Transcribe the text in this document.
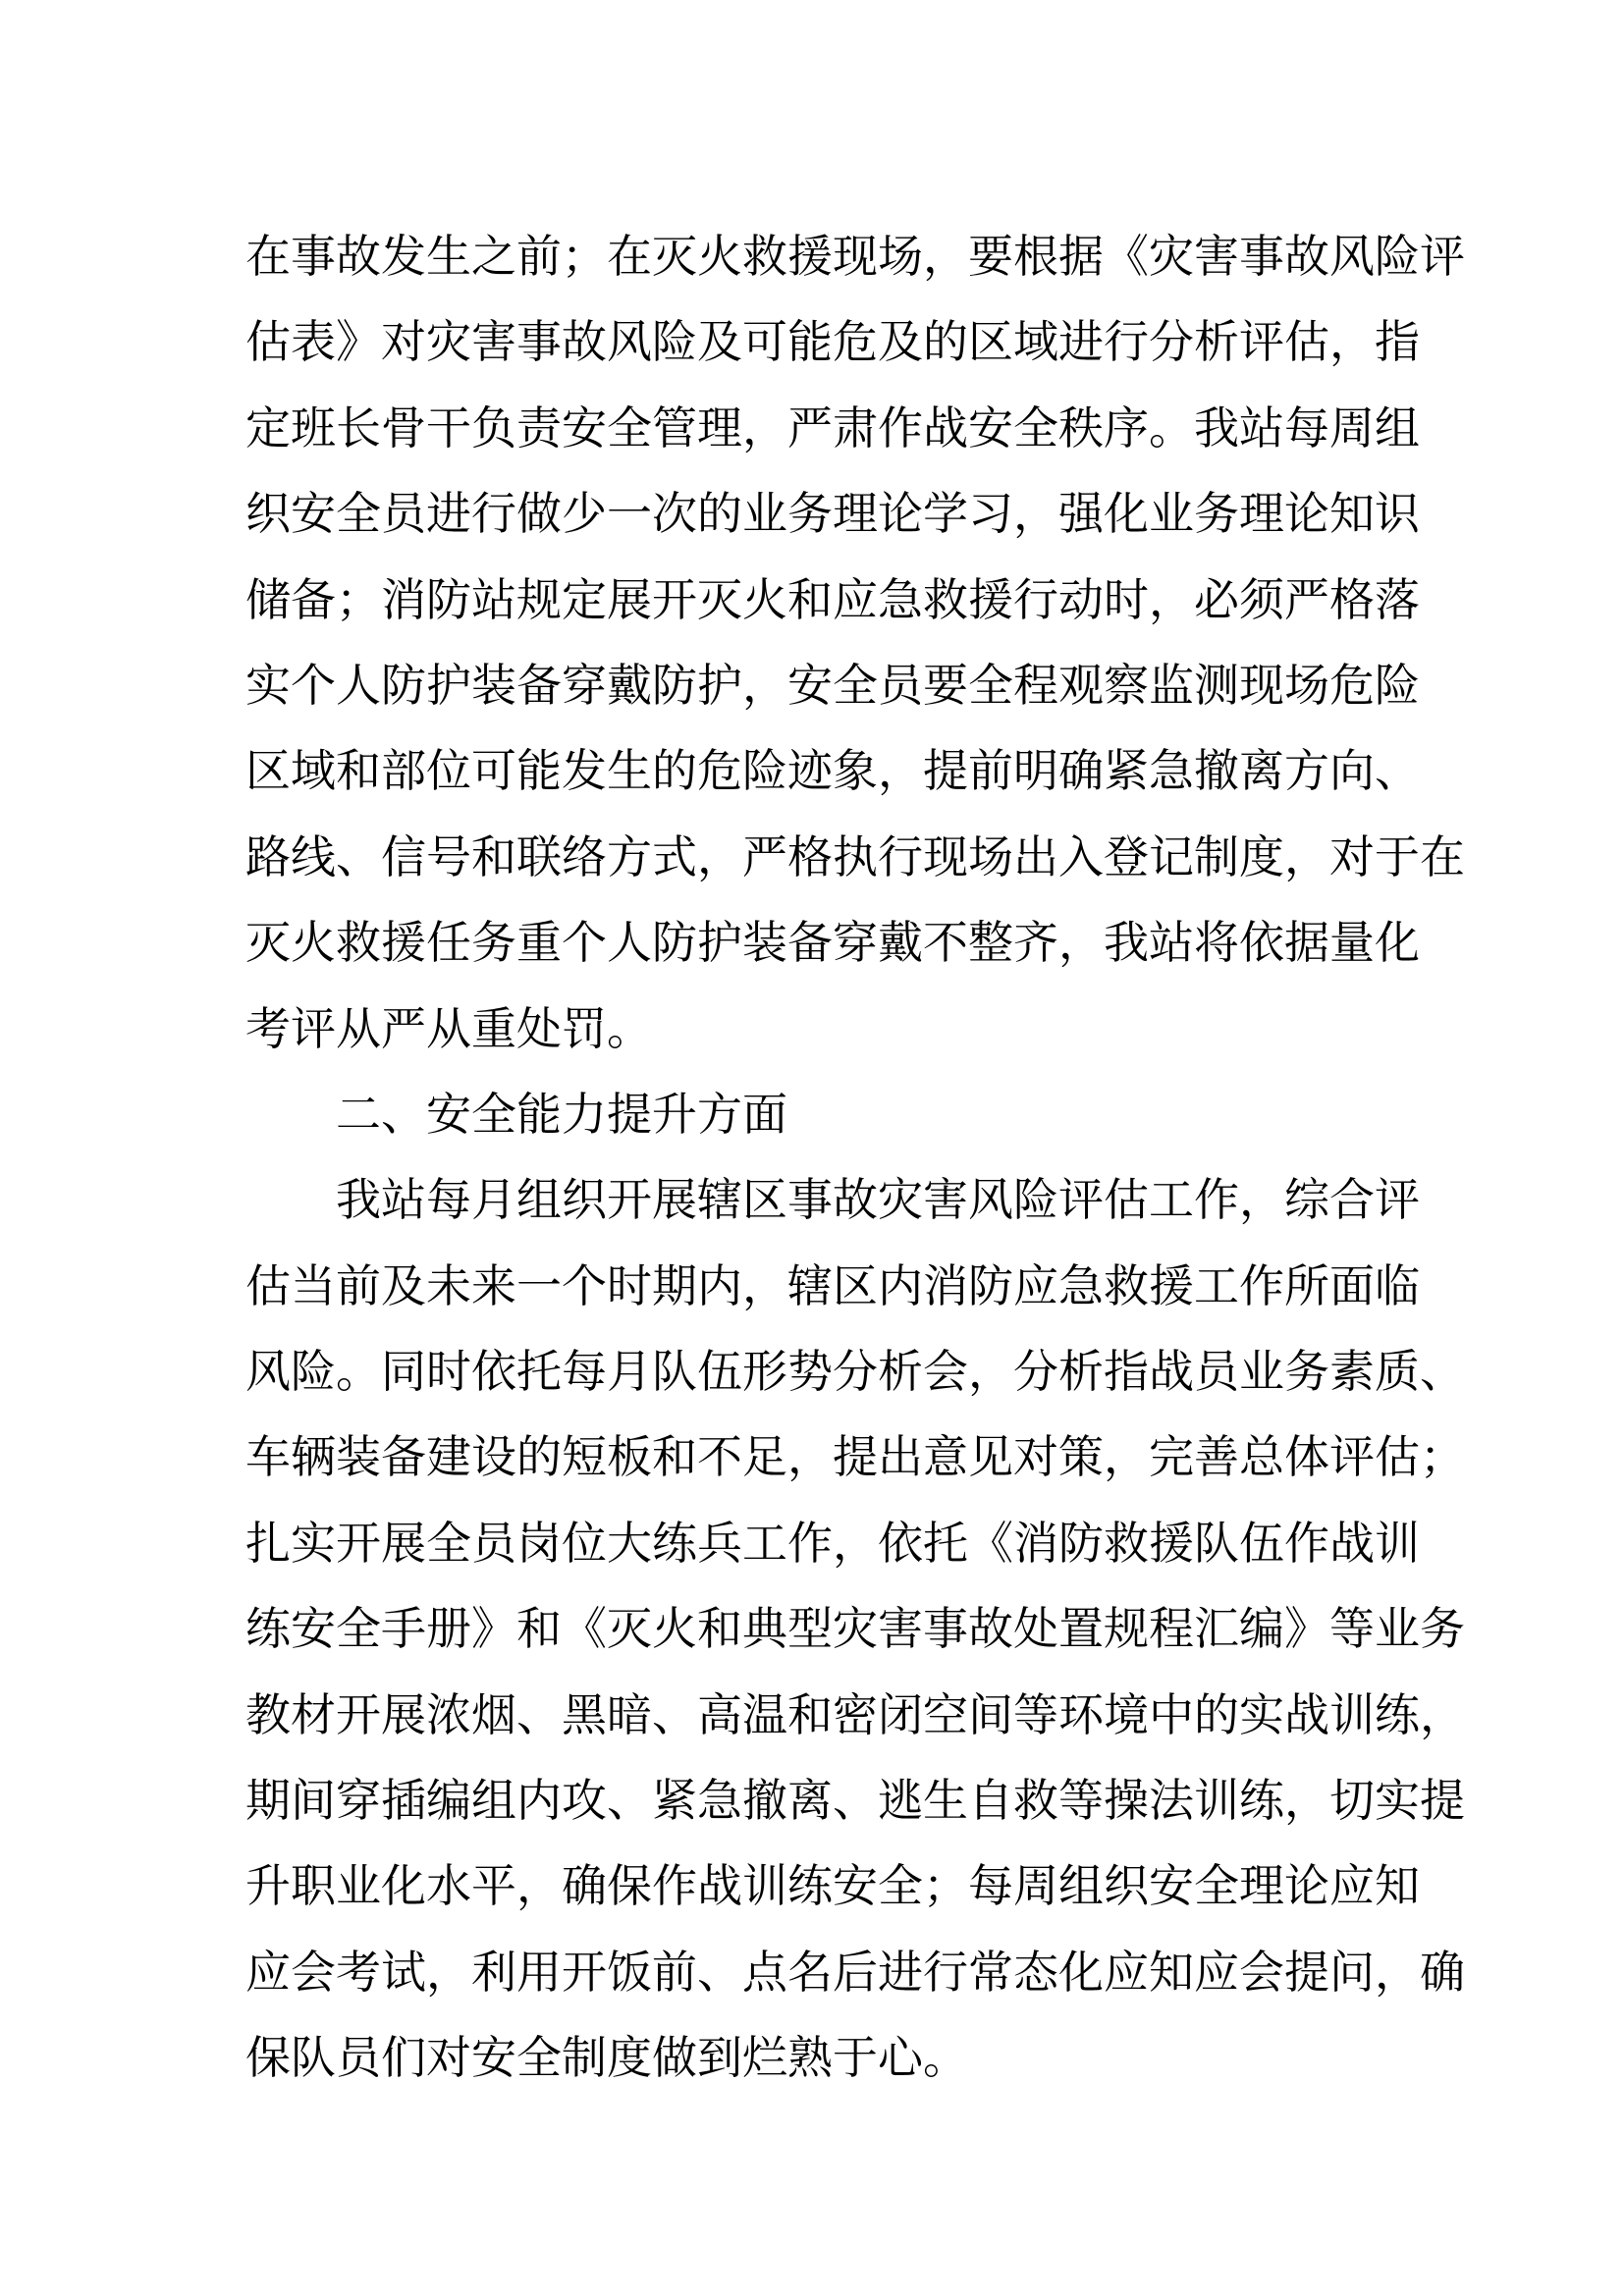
在事故发生之前；在灭火救援现场，要根据《灾害事故风险评
估表》对灾害事故风险及可能危及的区域进行分析评估，指
定班长骨干负责安全管理，严肃作战安全秩序。我站每周组
织安全员进行做少一次的业务理论学习，强化业务理论知识
储备；消防站规定展开灭火和应急救援行动时，必须严格落
实个人防护装备穿戴防护，安全员要全程观察监测现场危险
区域和部位可能发生的危险迹象，提前明确紧急撤离方向、
路线、信号和联络方式，严格执行现场出入登记制度，对于在
灭火救援任务重个人防护装备穿戴不整齐，我站将依据量化
考评从严从重处罚。
二、安全能力提升方面
我站每月组织开展辖区事故灾害风险评估工作，综合评
估当前及未来一个时期内，辖区内消防应急救援工作所面临
风险。同时依托每月队伍形势分析会，分析指战员业务素质、
车辆装备建设的短板和不足，提出意见对策，完善总体评估；
扎实开展全员岗位大练兵工作，依托《消防救援队伍作战训
练安全手册》和《灭火和典型灾害事故处置规程汇编》等业务
教材开展浓烟、黑暗、高温和密闭空间等环境中的实战训练，
期间穿插编组内攻、紧急撤离、逃生自救等操法训练，切实提
升职业化水平，确保作战训练安全；每周组织安全理论应知
应会考试，利用开饭前、点名后进行常态化应知应会提问，确
保队员们对安全制度做到烂熟于心。
